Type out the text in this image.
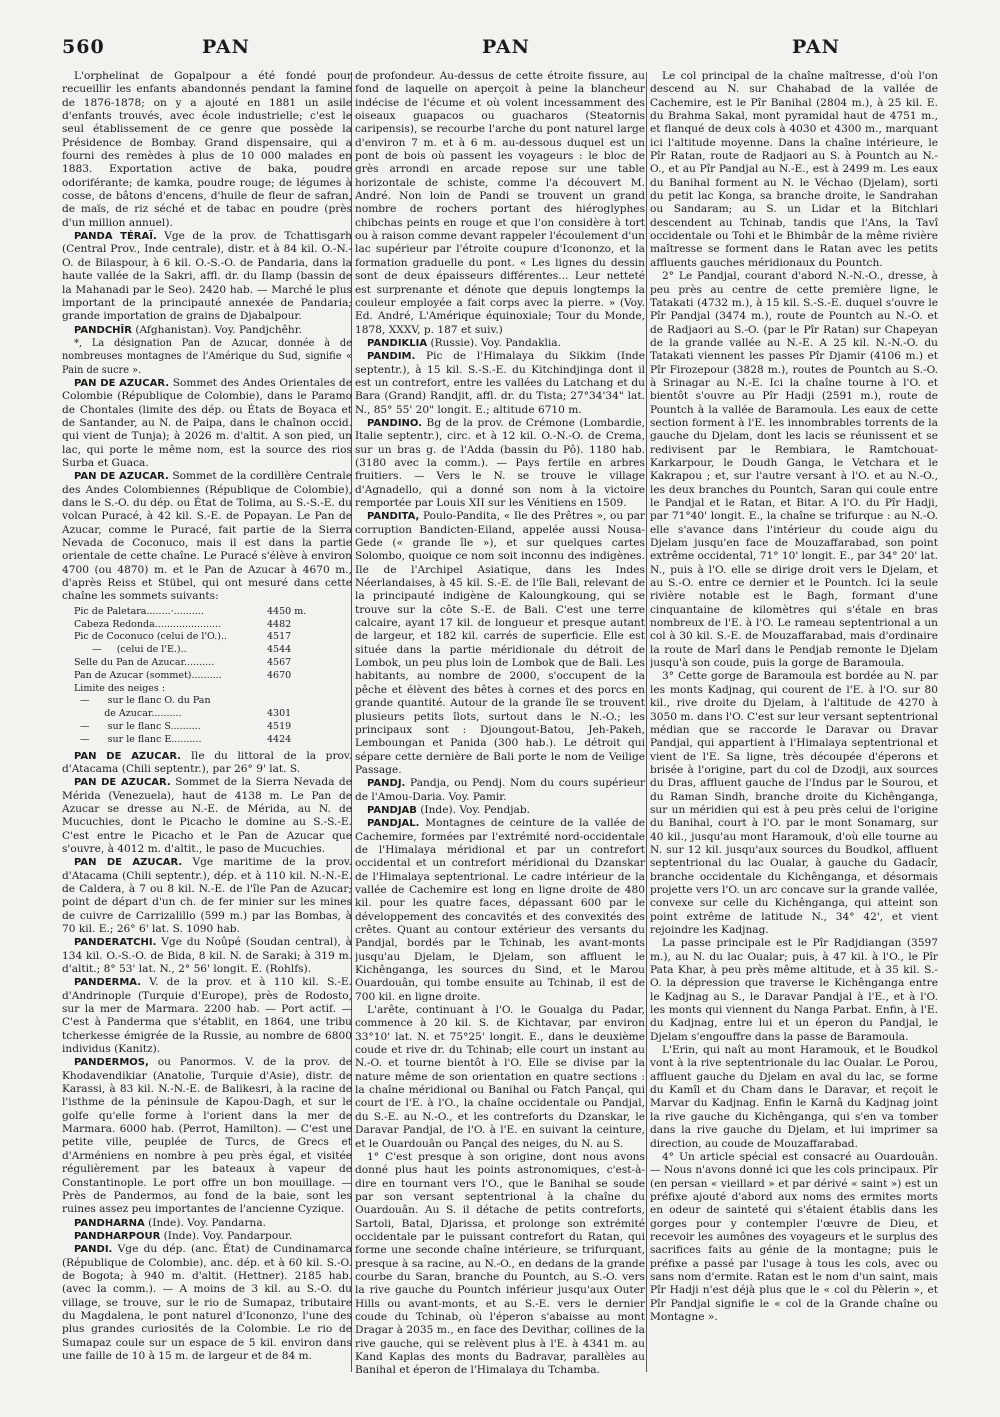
560	PAN	PAN	PAN

L'orphelinat de Gopalpour a été fondé pour recueillir les enfants abandonnés pendant la famine de 1876-1878; on y a ajouté en 1881 un asile d'enfants trouvés, avec école industrielle; c'est le seul établissement de ce genre que possède la Présidence de Bombay. Grand dispensaire, qui a fourni des remèdes à plus de 10 000 malades en 1883. Exportation active de baka, poudre odoriférante; de kamka, poudre rouge; de légumes à cosse, de bâtons d'encens, d'huile de fleur de safran, de maïs, de riz séché et de tabac en poudre (près d'un million annuel).

PANDA TÉRAÏ. Vge de la prov. de Tchattisgarh (Central Prov., Inde centrale), distr. et à 84 kil. O.-N.-O. de Bilaspour, à 6 kil. O.-S.-O. de Pandaria, dans la haute vallée de la Sakri, affl. dr. du Ilamp (bassin de la Mahanadi par le Seo). 2420 hab. — Marché le plus important de la principauté annexée de Pandaria; grande importation de grains de Djabalpour.

PANDCHÎR (Afghanistan). Voy. Pandjchêhr.

*, La désignation Pan de Azucar, donnée à de nombreuses montagnes de l'Amérique du Sud, signifie « Pain de sucre ».

PAN DE AZUCAR. Sommet des Andes Orientales de Colombie (République de Colombie), dans le Paramo de Chontales (limite des dép. ou États de Boyaca et de Santander, au N. de Paipa, dans le chaînon occid. qui vient de Tunja); à 2026 m. d'altit. A son pied, un lac, qui porte le même nom, est la source des rios Surba et Guaca.

PAN DE AZUCAR. Sommet de la cordillère Centrale des Andes Colombiennes (République de Colombie), dans le S.-O. du dép. ou État de Tolima, au S.-S.-E. du volcan Puracé, à 42 kil. S.-E. de Popayan. Le Pan de Azucar, comme le Puracé, fait partie de la Sierra Nevada de Coconuco, mais il est dans la partie orientale de cette chaîne. Le Puracé s'élève à environ 4700 (ou 4870) m. et le Pan de Azucar à 4670 m., d'après Reiss et Stübel, qui ont mesuré dans cette chaîne les sommets suivants:

Pic de Paletara........·..........	4450 m.
Cabeza Redonda......................	4482
Pic de Coconuco (celui de l'O.)..	4517
—     (celui de l'E.)..	4544
Selle du Pan de Azucar..........	4567
Pan de Azucar (sommet)..........	4670
Limite des neiges :
—      sur le flanc O. du Pan
de Azucar..........	4301
—      sur le flanc S..........	4519
—      sur le flanc E..........	4424

PAN DE AZUCAR. Ile du littoral de la prov. d'Atacama (Chili septentr.), par 26° 9' lat. S.

PAN DE AZUCAR. Sommet de la Sierra Nevada de Mérida (Venezuela), haut de 4138 m. Le Pan de Azucar se dresse au N.-E. de Mérida, au N. de Mucuchies, dont le Picacho le domine au S.-S.-E. C'est entre le Picacho et le Pan de Azucar que s'ouvre, à 4012 m. d'altit., le paso de Mucuchies.

PAN DE AZUCAR. Vge maritime de la prov. d'Atacama (Chili septentr.), dép. et à 110 kil. N.-N.-E. de Caldera, à 7 ou 8 kil. N.-E. de l'île Pan de Azucar; point de départ d'un ch. de fer minier sur les mines de cuivre de Carrizalillo (599 m.) par las Bombas, à 70 kil. E.; 26° 6' lat. S. 1090 hab.

PANDERATCHI. Vge du Noûpé (Soudan central), à 134 kil. O.-S.-O. de Bida, 8 kil. N. de Saraki; à 319 m. d'altit.; 8° 53' lat. N., 2° 56' longit. E. (Rohlfs).

PANDERMA. V. de la prov. et à 110 kil. S.-E. d'Andrinople (Turquie d'Europe), près de Rodosto, sur la mer de Marmara. 2200 hab. — Port actif. — C'est à Panderma que s'établit, en 1864, une tribu tcherkesse émigrée de la Russie, au nombre de 6800 individus (Kanitz).

PANDERMOS, ou Panormos. V. de la prov. de Khodavendikiar (Anatolie, Turquie d'Asie), distr. de Karassi, à 83 kil. N.-N.-E. de Balikesri, à la racine de l'isthme de la péninsule de Kapou-Dagh, et sur le golfe qu'elle forme à l'orient dans la mer de Marmara. 6000 hab. (Perrot, Hamilton). — C'est une petite ville, peuplée de Turcs, de Grecs et d'Arméniens en nombre à peu près égal, et visitée régulièrement par les bateaux à vapeur de Constantinople. Le port offre un bon mouillage. — Près de Pandermos, au fond de la baie, sont les ruines assez peu importantes de l'ancienne Cyzique.

PANDHARNA (Inde). Voy. Pandarna.

PANDHARPOUR (Inde). Voy. Pandarpour.

PANDI. Vge du dép. (anc. État) de Cundinamarca (République de Colombie), anc. dép. et à 60 kil. S.-O. de Bogota; à 940 m. d'altit. (Hettner). 2185 hab. (avec la comm.). — A moins de 3 kil. au S.-O. du village, se trouve, sur le rio de Sumapaz, tributaire du Magdalena, le pont naturel d'Icononzo, l'une des plus grandes curiosités de la Colombie. Le rio de Sumapaz coule sur un espace de 5 kil. environ dans une faille de 10 à 15 m. de largeur et de 84 m.

de profondeur. Au-dessus de cette étroite fissure, au fond de laquelle on aperçoit à peine la blancheur indécise de l'écume et où volent incessamment des oiseaux guapacos ou guacharos (Steatornis caripensis), se recourbe l'arche du pont naturel large d'environ 7 m. et à 6 m. au-dessous duquel est un pont de bois où passent les voyageurs : le bloc de grès arrondi en arcade repose sur une table horizontale de schiste, comme l'a découvert M. André. Non loin de Pandi se trouvent un grand nombre de rochers portant des hiéroglyphes chibchas peints en rouge et que l'on considère à tort ou à raison comme devant rappeler l'écoulement d'un lac supérieur par l'étroite coupure d'Icononzo, et la formation graduelle du pont. « Les lignes du dessin sont de deux épaisseurs différentes... Leur netteté est surprenante et dénote que depuis longtemps la couleur employée a fait corps avec la pierre. » (Voy. Ed. André, L'Amérique équinoxiale; Tour du Monde, 1878, XXXV, p. 187 et suiv.)

PANDIKLIA (Russie). Voy. Pandaklia.

PANDIM. Pic de l'Himalaya du Sikkim (Inde septentr.), à 15 kil. S.-S.-E. du Kitchindjinga dont il est un contrefort, entre les vallées du Latchang et du Bara (Grand) Randjit, affl. dr. du Tista; 27°34'34" lat. N., 85° 55' 20" longit. E.; altitude 6710 m.

PANDINO. Bg de la prov. de Crémone (Lombardie, Italie septentr.), circ. et à 12 kil. O.-N.-O. de Crema, sur un bras g. de l'Adda (bassin du Pô). 1180 hab. (3180 avec la comm.). — Pays fertile en arbres fruitiers. — Vers le N. se trouve le village d'Agnadello, qui a donné son nom à la victoire remportée par Louis XII sur les Vénitiens en 1509.

PANDITA, Poulo-Pandita, « Ile des Prêtres », ou par corruption Bandicten-Eiland, appelée aussi Nousa-Gede (« grande île »), et sur quelques cartes Solombo, quoique ce nom soit inconnu des indigènes. Ile de l'Archipel Asiatique, dans les Indes Néerlandaises, à 45 kil. S.-E. de l'île Bali, relevant de la principauté indigène de Kaloungkoung, qui se trouve sur la côte S.-E. de Bali. C'est une terre calcaire, ayant 17 kil. de longueur et presque autant de largeur, et 182 kil. carrés de superficie. Elle est située dans la partie méridionale du détroit de Lombok, un peu plus loin de Lombok que de Bali. Les habitants, au nombre de 2000, s'occupent de la pêche et élèvent des bêtes à cornes et des porcs en grande quantité. Autour de la grande île se trouvent plusieurs petits îlots, surtout dans le N.-O.; les principaux sont : Djoungout-Batou, Jeh-Pakeh, Lemboungan et Panida (300 hab.). Le détroit qui sépare cette dernière de Bali porte le nom de Veilige Passage.

PANDJ. Pandja, ou Pendj. Nom du cours supérieur de l'Amou-Daria. Voy. Pamir.

PANDJAB (Inde). Voy. Pendjab.

PANDJAL. Montagnes de ceinture de la vallée de Cachemire, formées par l'extrémité nord-occidentale de l'Himalaya méridional et par un contrefort occidental et un contrefort méridional du Dzanskar de l'Himalaya septentrional. Le cadre intérieur de la vallée de Cachemire est long en ligne droite de 480 kil. pour les quatre faces, dépassant 600 par le développement des concavités et des convexités des crêtes. Quant au contour extérieur des versants du Pandjal, bordés par le Tchinab, les avant-monts jusqu'au Djelam, le Djelam, son affluent le Kichênganga, les sources du Sind, et le Marou Ouardouân, qui tombe ensuite au Tchinab, il est de 700 kil. en ligne droite.

L'arête, continuant à l'O. le Goualga du Padar, commence à 20 kil. S. de Kichtavar, par environ 33°10' lat. N. et 75°25' longit. E., dans le deuxième coude et rive dr. du Tchinab; elle court un instant au N.-O. et tourne bientôt à l'O. Elle se divise par la nature même de son orientation en quatre sections : la chaîne méridional ou Banihal ou Fatch Pançal, qui court de l'E. à l'O., la chaîne occidentale ou Pandjal, du S.-E. au N.-O., et les contreforts du Dzanskar, le Daravar Pandjal, de l'O. à l'E. en suivant la ceinture, et le Ouardouân ou Pançal des neiges, du N. au S.

1° C'est presque à son origine, dont nous avons donné plus haut les points astronomiques, c'est-à-dire en tournant vers l'O., que le Banihal se soude par son versant septentrional à la chaîne du Ouardouân. Au S. il détache de petits contreforts, Sartoli, Batal, Djarissa, et prolonge son extrémité occidentale par le puissant contrefort du Ratan, qui forme une seconde chaîne intérieure, se trifurquant, presque à sa racine, au N.-O., en dedans de la grande courbe du Saran, branche du Pountch, au S.-O. vers la rive gauche du Pountch inférieur jusqu'aux Outer Hills ou avant-monts, et au S.-E. vers le dernier coude du Tchinab, où l'éperon s'abaisse au mont Dragar à 2035 m., en face des Devithar, collines de la rive gauche, qui se relèvent plus à l'E. à 4341 m. au Kand Kaplas des monts du Badravar, parallèles au Banihal et éperon de l'Himalaya du Tchamba.

Le col principal de la chaîne maîtresse, d'où l'on descend au N. sur Chahabad de la vallée de Cachemire, est le Pîr Banihal (2804 m.), à 25 kil. E. du Brahma Sakal, mont pyramidal haut de 4751 m., et flanqué de deux cols à 4030 et 4300 m., marquant ici l'altitude moyenne. Dans la chaîne intérieure, le Pîr Ratan, route de Radjaori au S. à Pountch au N.-O., et au Pîr Pandjal au N.-E., est à 2499 m. Les eaux du Banihal forment au N. le Véchao (Djelam), sorti du petit lac Konga, sa branche droite, le Sandrahan ou Sandaram; au S. un Lidar et la Bitchlari descendent au Tchinab, tandis que l'Ans, la Tavî occidentale ou Tohi et le Bhimbâr de la même rivière maîtresse se forment dans le Ratan avec les petits affluents gauches méridionaux du Pountch.

2° Le Pandjal, courant d'abord N.-N.-O., dresse, à peu près au centre de cette première ligne, le Tatakati (4732 m.), à 15 kil. S.-S.-E. duquel s'ouvre le Pîr Pandjal (3474 m.), route de Pountch au N.-O. et de Radjaori au S.-O. (par le Pîr Ratan) sur Chapeyan de la grande vallée au N.-E. A 25 kil. N.-N.-O. du Tatakati viennent les passes Pîr Djamir (4106 m.) et Pîr Firozepour (3828 m.), routes de Pountch au S.-O. à Srinagar au N.-E. Ici la chaîne tourne à l'O. et bientôt s'ouvre au Pîr Hadji (2591 m.), route de Pountch à la vallée de Baramoula. Les eaux de cette section forment à l'E. les innombrables torrents de la gauche du Djelam, dont les lacis se réunissent et se redivisent par le Rembiara, le Ramtchouat-Karkarpour, le Doudh Ganga, le Vetchara et le Kakrapou ; et, sur l'autre versant à l'O. et au N.-O., les deux branches du Pountch, Saran qui coule entre le Pandjal et le Ratan, et Bitar. A l'O. du Pîr Hadji, par 71°40' longit. E., la chaîne se trifurque : au N.-O. elle s'avance dans l'intérieur du coude aigu du Djelam jusqu'en face de Mouzaffarabad, son point extrême occidental, 71° 10' longit. E., par 34° 20' lat. N., puis à l'O. elle se dirige droit vers le Djelam, et au S.-O. entre ce dernier et le Pountch. Ici la seule rivière notable est le Bagh, formant d'une cinquantaine de kilomètres qui s'étale en bras nombreux de l'E. à l'O. Le rameau septentrional a un col à 30 kil. S.-E. de Mouzaffarabad, mais d'ordinaire la route de Marî dans le Pendjab remonte le Djelam jusqu'à son coude, puis la gorge de Baramoula.

3° Cette gorge de Baramoula est bordée au N. par les monts Kadjnag, qui courent de l'E. à l'O. sur 80 kil., rive droite du Djelam, à l'altitude de 4270 à 3050 m. dans l'O. C'est sur leur versant septentrional médian que se raccorde le Daravar ou Dravar Pandjal, qui appartient à l'Himalaya septentrional et vient de l'E. Sa ligne, très découpée d'éperons et brisée à l'origine, part du col de Dzodji, aux sources du Dras, affluent gauche de l'Indus par le Sourou, et du Raman Sindh, branche droite du Kichênganga, sur un méridien qui est à peu près celui de l'origine du Banihal, court à l'O. par le mont Sonamarg, sur 40 kil., jusqu'au mont Haramouk, d'où elle tourne au N. sur 12 kil. jusqu'aux sources du Boudkol, affluent septentrional du lac Oualar, à gauche du Gadacîr, branche occidentale du Kichênganga, et désormais projette vers l'O. un arc concave sur la grande vallée, convexe sur celle du Kichênganga, qui atteint son point extrême de latitude N., 34° 42', et vient rejoindre les Kadjnag.

La passe principale est le Pîr Radjdiangan (3597 m.), au N. du lac Oualar; puis, à 47 kil. à l'O., le Pîr Pata Khar, à peu près même altitude, et à 35 kil. S.-O. la dépression que traverse le Kichênganga entre le Kadjnag au S., le Daravar Pandjal à l'E., et à l'O. les monts qui viennent du Nanga Parbat. Enfin, à l'E. du Kadjnag, entre lui et un éperon du Pandjal, le Djelam s'engouffre dans la passe de Baramoula.

L'Erin, qui naît au mont Haramouk, et le Boudkol vont à la rive septentrionale du lac Oualar. Le Porou, affluent gauche du Djelam en aval du lac, se forme du Kamîl et du Cham dans le Daravar, et reçoit le Marvar du Kadjnag. Enfin le Karnâ du Kadjnag joint la rive gauche du Kichênganga, qui s'en va tomber dans la rive gauche du Djelam, et lui imprimer sa direction, au coude de Mouzaffarabad.

4° Un article spécial est consacré au Ouardouân. — Nous n'avons donné ici que les cols principaux. Pîr (en persan « vieillard » et par dérivé « saint ») est un préfixe ajouté d'abord aux noms des ermites morts en odeur de sainteté qui s'étaient établis dans les gorges pour y contempler l'œuvre de Dieu, et recevoir les aumônes des voyageurs et le surplus des sacrifices faits au génie de la montagne; puis le préfixe a passé par l'usage à tous les cols, avec ou sans nom d'ermite. Ratan est le nom d'un saint, mais Pîr Hadji n'est déjà plus que le « col du Pèlerin », et Pîr Pandjal signifie le « col de la Grande chaîne ou Montagne ».
